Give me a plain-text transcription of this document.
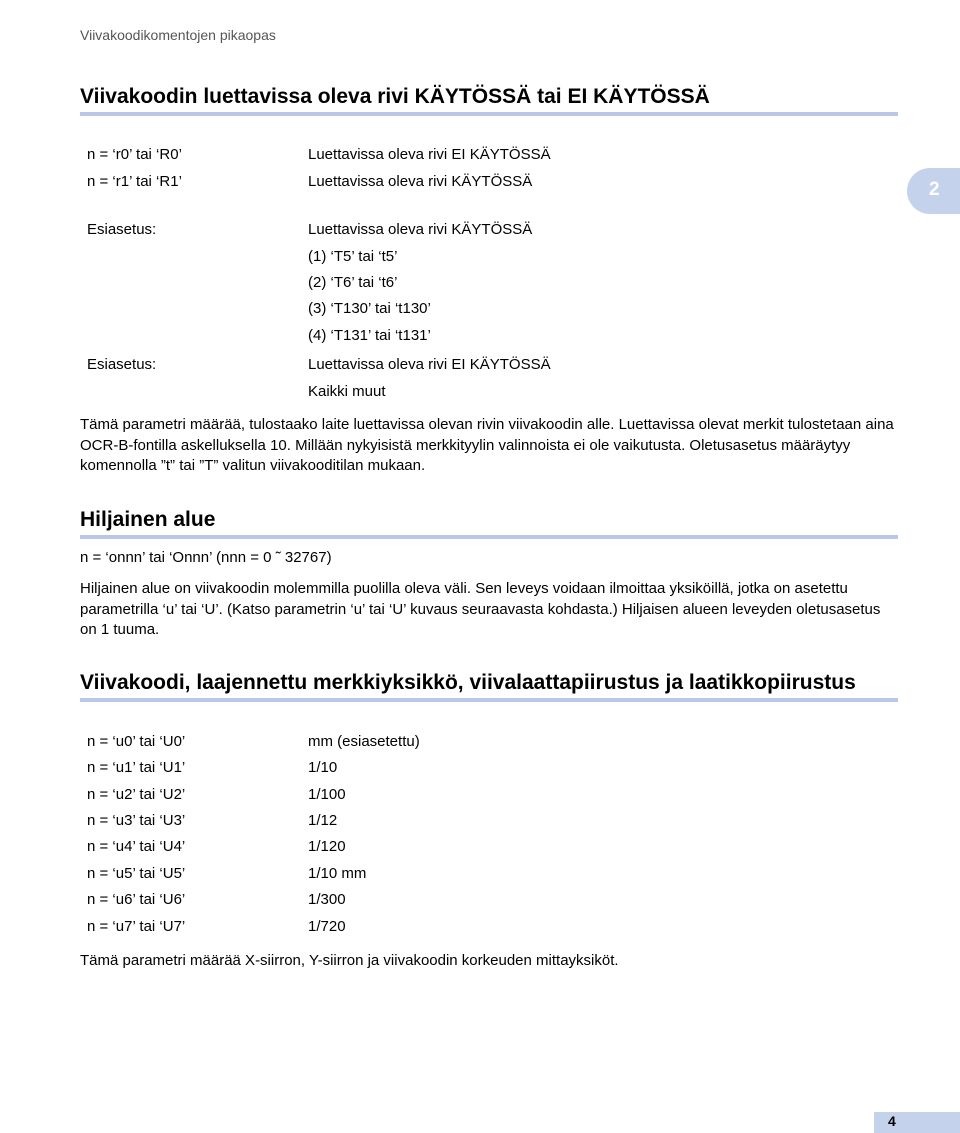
Viivakoodikomentojen pikaopas
2
Viivakoodin luettavissa oleva rivi KÄYTÖSSÄ tai EI KÄYTÖSSÄ
n = ‘r0’ tai ‘R0’	Luettavissa oleva rivi EI KÄYTÖSSÄ
n = ‘r1’ tai ‘R1’	Luettavissa oleva rivi KÄYTÖSSÄ
Esiasetus:	Luettavissa oleva rivi KÄYTÖSSÄ
(1) ‘T5’ tai ‘t5’
(2) ‘T6’ tai ‘t6’
(3) ‘T130’ tai ‘t130’
(4) ‘T131’ tai ‘t131’
Esiasetus:	Luettavissa oleva rivi EI KÄYTÖSSÄ
Kaikki muut
Tämä parametri määrää, tulostaako laite luettavissa olevan rivin viivakoodin alle. Luettavissa olevat merkit tulostetaan aina OCR-B-fontilla askelluksella 10. Millään nykyisistä merkkityylin valinnoista ei ole vaikutusta. Oletusasetus määräytyy komennolla ”t” tai ”T” valitun viivakooditilan mukaan.
Hiljainen alue
n = ‘onnn’ tai ‘Onnn’ (nnn = 0 ˜ 32767)
Hiljainen alue on viivakoodin molemmilla puolilla oleva väli. Sen leveys voidaan ilmoittaa yksiköillä, jotka on asetettu parametrilla ‘u’ tai ‘U’. (Katso parametrin ‘u’ tai ‘U’ kuvaus seuraavasta kohdasta.) Hiljaisen alueen leveyden oletusasetus on 1 tuuma.
Viivakoodi, laajennettu merkkiyksikkö, viivalaattapiirustus ja laatikkopiirustus
n = ‘u0’ tai ‘U0’	mm (esiasetettu)
n = ‘u1’ tai ‘U1’	1/10
n = ‘u2’ tai ‘U2’	1/100
n = ‘u3’ tai ‘U3’	1/12
n = ‘u4’ tai ‘U4’	1/120
n = ‘u5’ tai ‘U5’	1/10 mm
n = ‘u6’ tai ‘U6’	1/300
n = ‘u7’ tai ‘U7’	1/720
Tämä parametri määrää X-siirron, Y-siirron ja viivakoodin korkeuden mittayksiköt.
4
